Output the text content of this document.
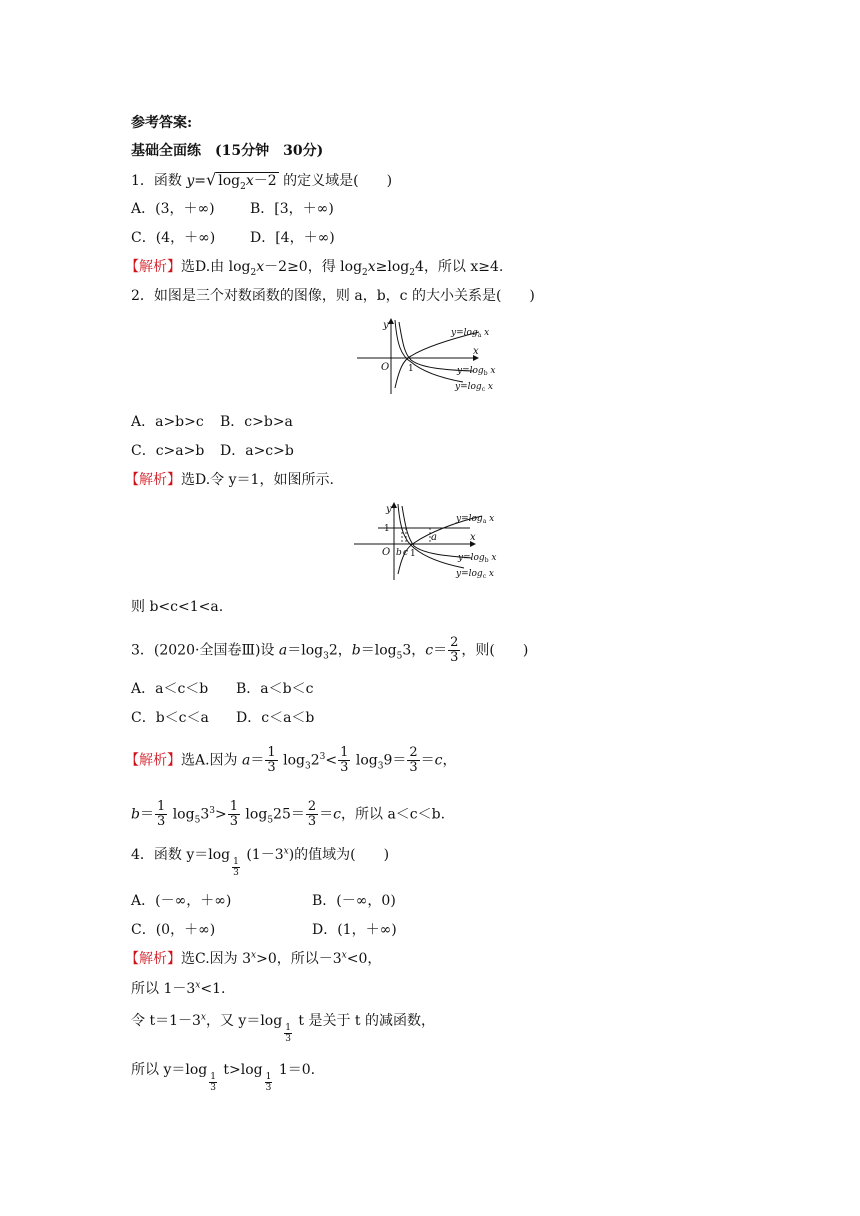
参考答案:
基础全面练　(15分钟　30分)
1．函数 y=√ $\log_2x-2$ 的定义域是(　　)
A．(3，＋∞)	B．[3，＋∞)
C．(4，＋∞) D．[4，＋∞)
【解析】选D.由 $\log_2x-2\ge 0$，得 $\log_2x\ge\log_24$，所以 x≥4.
2．如图是三个对数函数的图像，则 a，b，c 的大小关系是(　　)
y
x
O 1
$y=\log_a$ x
$y=\log_b$ x
$y=\log_c$ x
A．a>b>c B．c>b>a
C．c>a>b D．a>c>b
【解析】选D.令 y＝1，如图所示.
y
x
1
O b c 1
a
$y=\log_a$ x
$y=\log_b$ x
$y=\log_c$ x
则 b<c<1<a.
3．(2020·全国卷Ⅲ)设 $a=\log_32$，$b=\log_53$，$c= \frac{2}{3}$ ，则(　　)
A．a＜c＜b B．a＜b＜c
C．b＜c＜a D．c＜a＜b
【解析】选A.因为 $a= \frac{1}{3} \log_32^3< \frac{1}{3} \log_39= \frac{2}{3} =c$，
$b= \frac{1}{3} \log_53^3> \frac{1}{3} \log_525= \frac{2}{3} =c$，所以 a＜c＜b.
4．函数 y＝log
$\frac{1}{3}$
$(1-3^x)$的值域为(　　)
A．(－∞，＋∞)	B．(－∞，0)
C．(0，＋∞)	D．(1，＋∞)
【解析】选C.因为 $3^x>0$，所以$-3^x<0$，
所以 $1-3^x<1$.
令 $t=1-3^x$，又 y＝log
$\frac{1}{3}$
t 是关于 t 的减函数，
所以 y＝log
$\frac{1}{3}$
t>log
$\frac{1}{3}$
1＝0.
